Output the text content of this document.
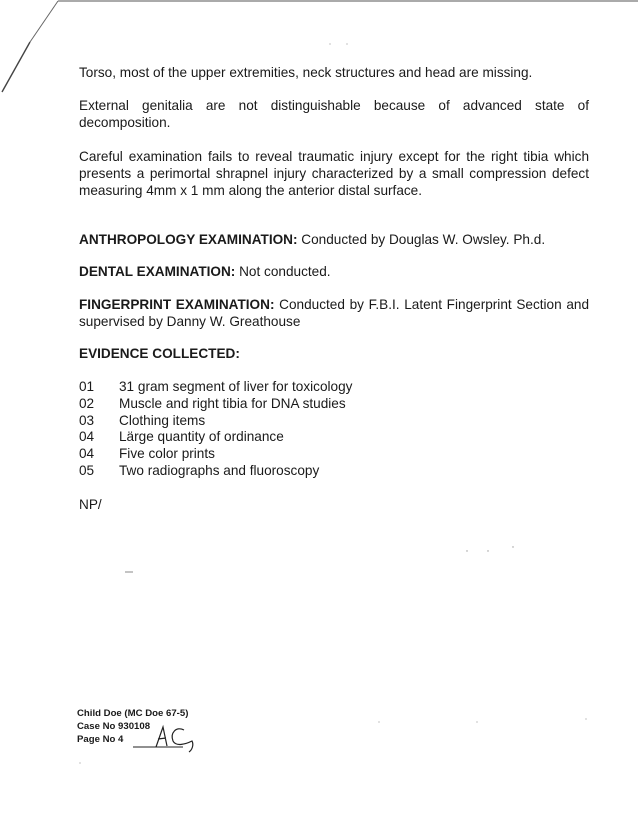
Torso, most of the upper extremities, neck structures and head are missing.

External genitalia are not distinguishable because of advanced state of decomposition.

Careful examination fails to reveal traumatic injury except for the right tibia which presents a perimortal shrapnel injury characterized by a small compression defect measuring 4mm x 1 mm along the anterior distal surface.

ANTHROPOLOGY EXAMINATION: Conducted by Douglas W. Owsley. Ph.d.

DENTAL EXAMINATION: Not conducted.

FINGERPRINT EXAMINATION: Conducted by F.B.I. Latent Fingerprint Section and supervised by Danny W. Greathouse

EVIDENCE COLLECTED:

01 31 gram segment of liver for toxicology
02 Muscle and right tibia for DNA studies
03 Clothing items
04 Lärge quantity of ordinance
04 Five color prints
05 Two radiographs and fluoroscopy

NP/

Child Doe (MC Doe 67-5)
Case No 930108
Page No 4
